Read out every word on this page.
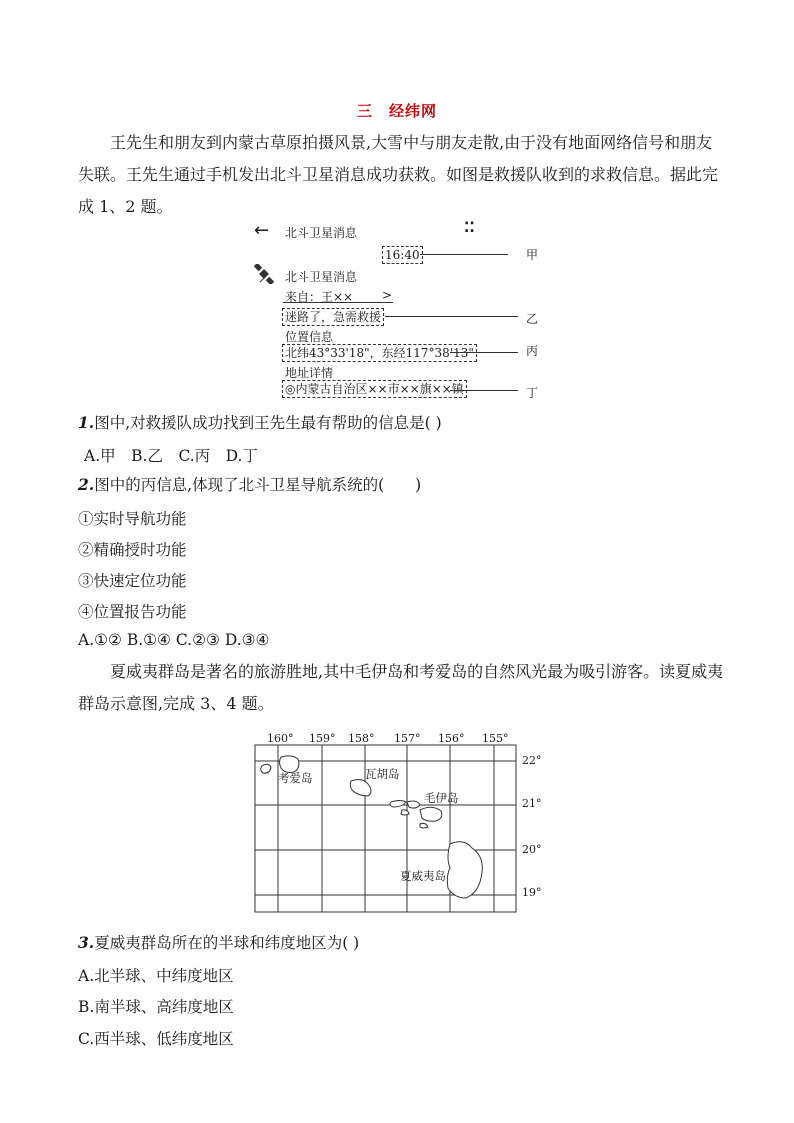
三　经纬网
王先生和朋友到内蒙古草原拍摄风景,大雪中与朋友走散,由于没有地面网络信号和朋友失联。王先生通过手机发出北斗卫星消息成功获救。如图是救援队收到的求救信息。据此完成 1、2 题。
← 北斗卫星消息	⁚⁚
16:40	甲
北斗卫星消息
来自：王×× >
迷路了，急需救援	乙
位置信息
北纬43°33'18"，东经117°38'13"	丙
地址详情
◎内蒙古自治区××市××旗××镇	丁
1.图中,对救援队成功找到王先生最有帮助的信息是( )
A.甲　B.乙　C.丙　D.丁
2.图中的丙信息,体现了北斗卫星导航系统的(　　)
①实时导航功能
②精确授时功能
③快速定位功能
④位置报告功能
A.①② B.①④ C.②③ D.③④
夏威夷群岛是著名的旅游胜地,其中毛伊岛和考爱岛的自然风光最为吸引游客。读夏威夷群岛示意图,完成 3、4 题。
160° 159° 158° 157° 156° 155°
22°
21°
20°
19°
考爱岛	瓦胡岛
毛伊岛
夏威夷岛
3.夏威夷群岛所在的半球和纬度地区为( )
A.北半球、中纬度地区
B.南半球、高纬度地区
C.西半球、低纬度地区
